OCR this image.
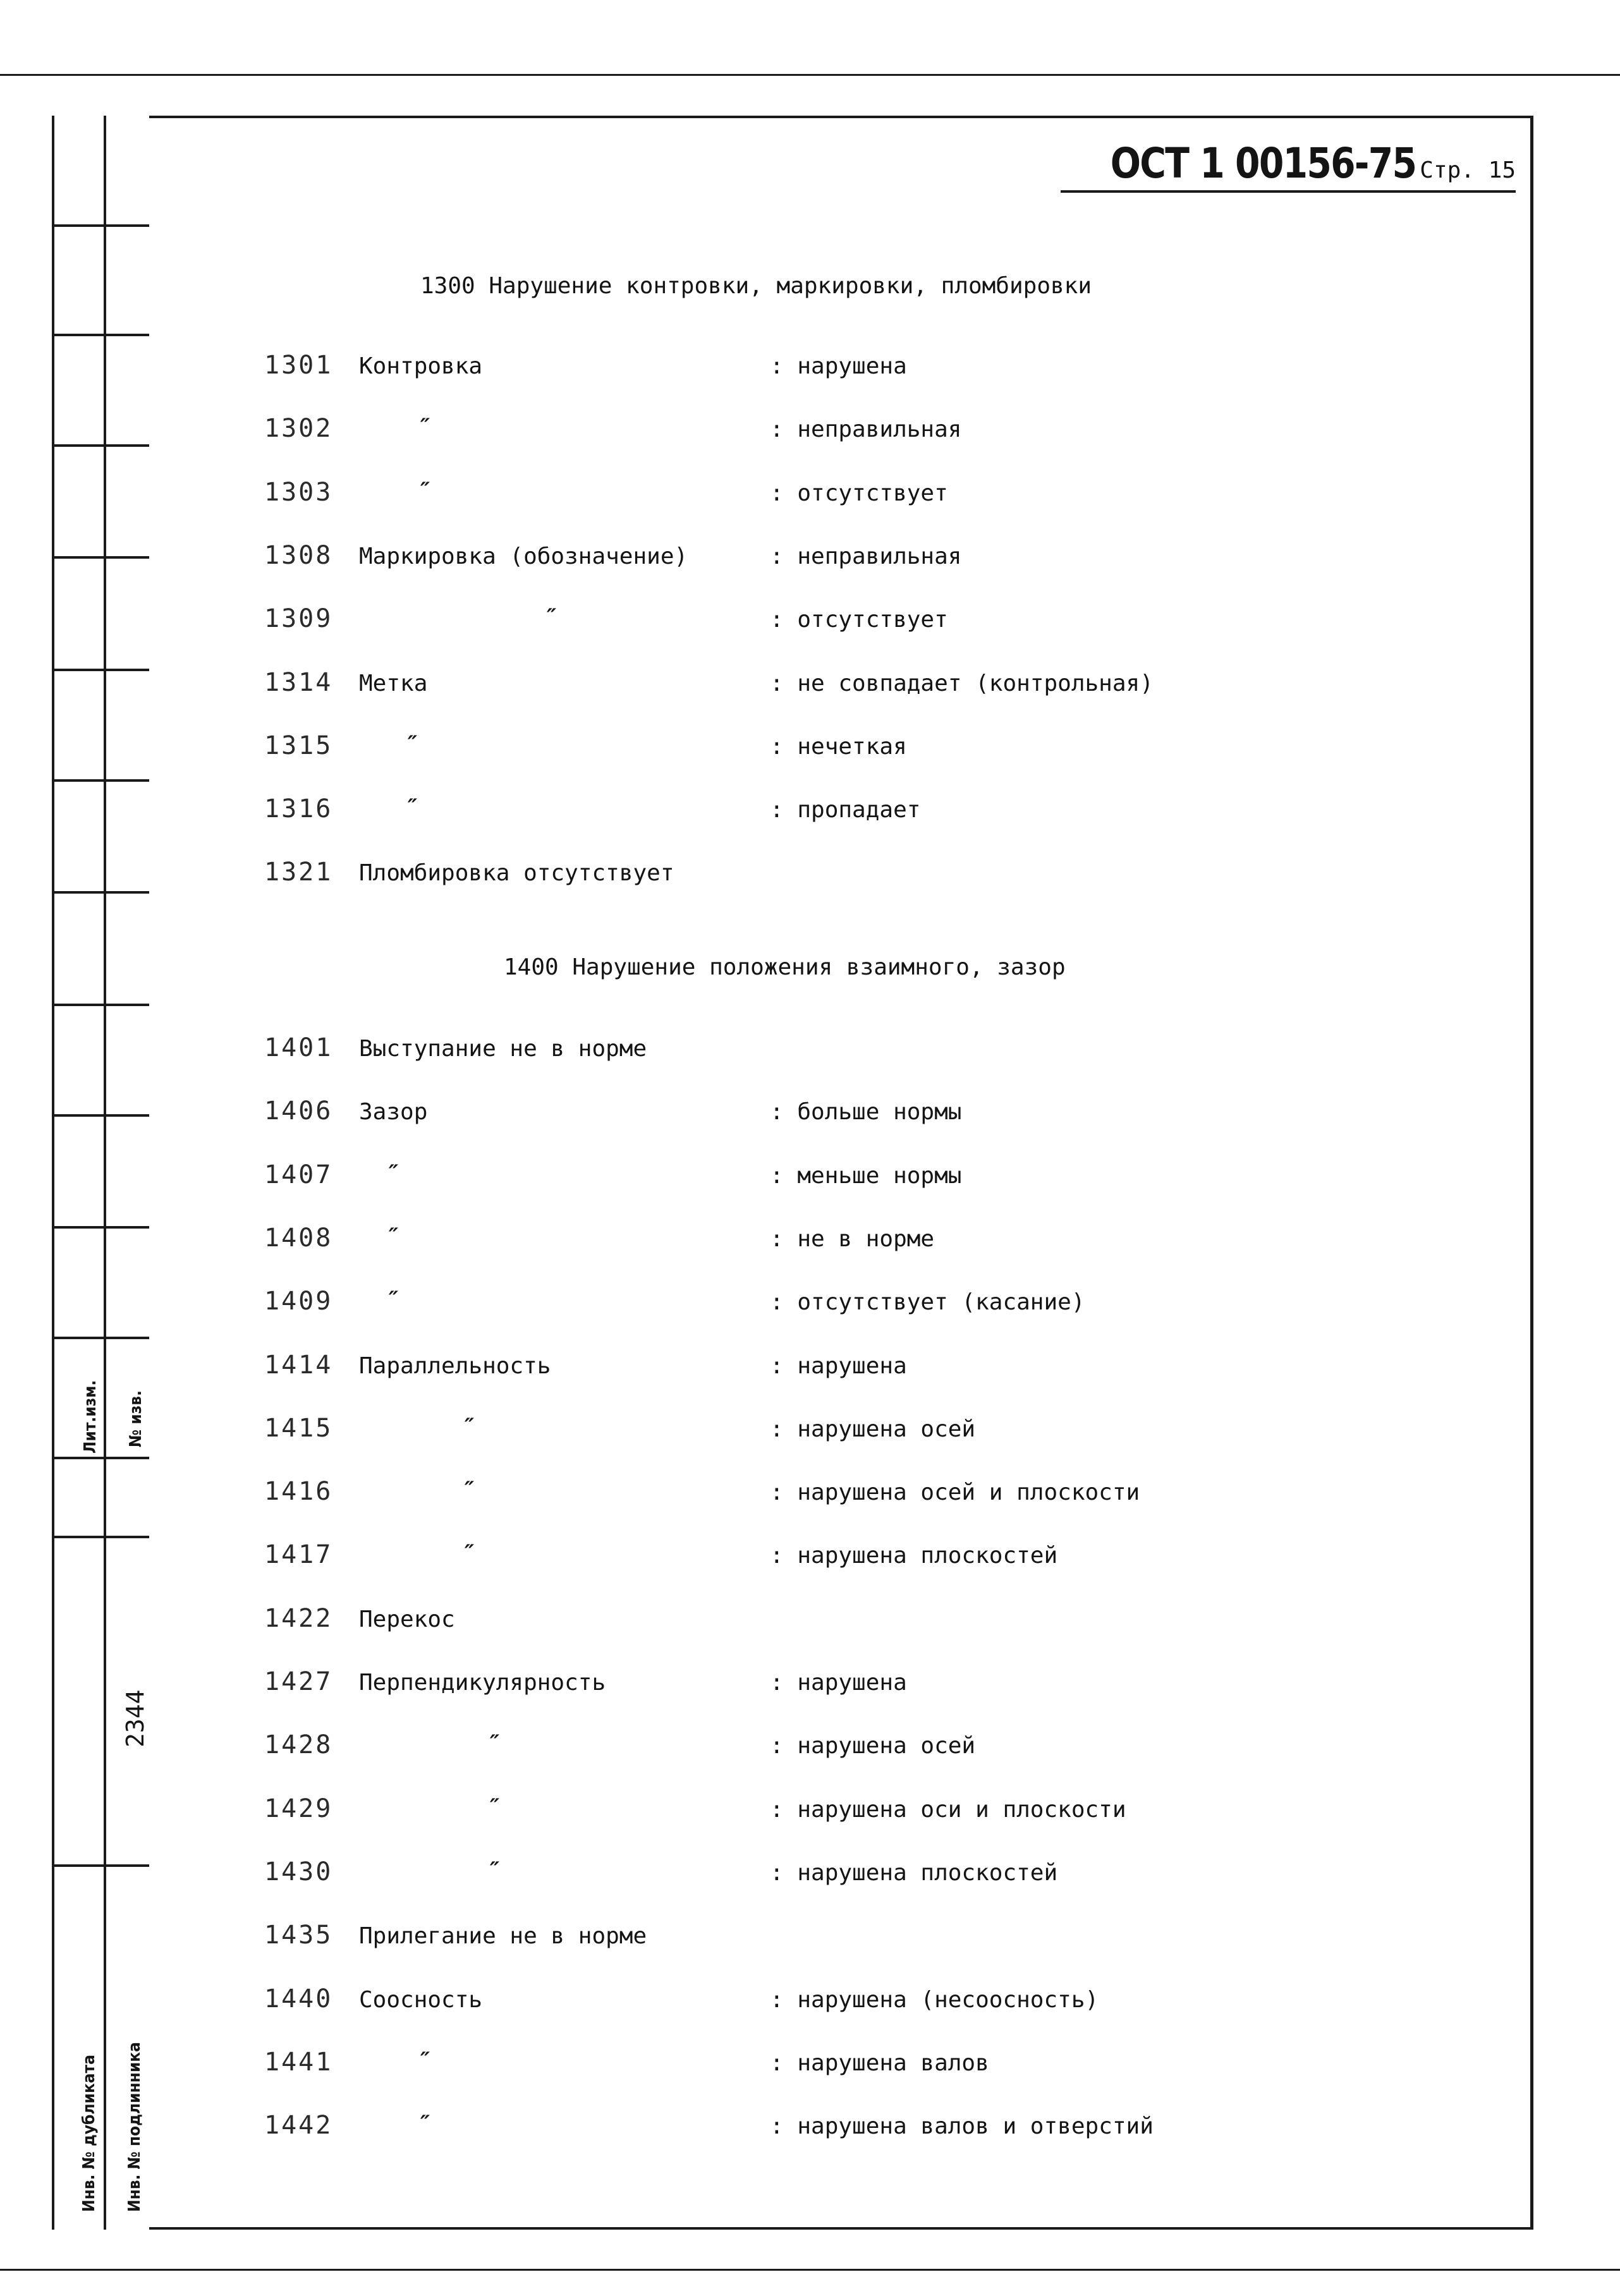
Лит.изм. № изв.
2344
Инв. № дубликата Инв. № подлинника
ОСТ 1 00156-75 Стр. 15
1300 Нарушение контровки, маркировки, пломбировки
1301 Контровка	: нарушена
1302	″	: неправильная
1303	″	: отсутствует
1308 Маркировка (обозначение)	: неправильная
1309	″	: отсутствует
1314 Метка	: не совпадает (контрольная)
1315	″	: нечеткая
1316	″	: пропадает
1321 Пломбировка отсутствует
1400 Нарушение положения взаимного, зазор
1401 Выступание не в норме
1406 Зазор	: больше нормы
1407 ″	: меньше нормы
1408 ″	: не в норме
1409 ″	: отсутствует (касание)
1414 Параллельность	: нарушена
1415	″	: нарушена осей
1416	″	: нарушена осей и плоскости
1417	″	: нарушена плоскостей
1422 Перекос
1427 Перпендикулярность	: нарушена
1428	″	: нарушена осей
1429	″	: нарушена оси и плоскости
1430	″	: нарушена плоскостей
1435 Прилегание не в норме
1440 Соосность	: нарушена (несоосность)
1441	″	: нарушена валов
1442	″	: нарушена валов и отверстий
